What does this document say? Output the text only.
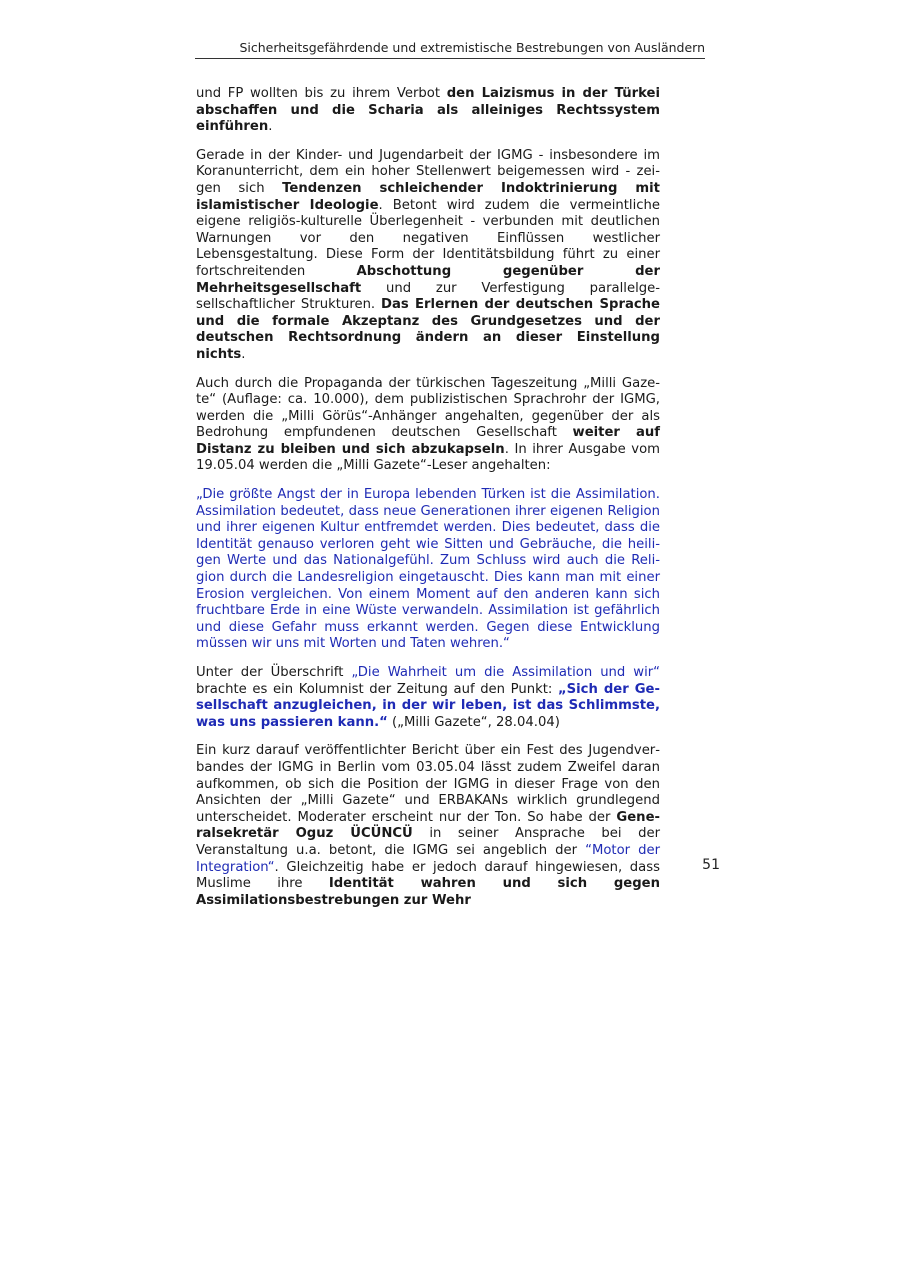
Sicherheitsgefährdende und extremistische Bestrebungen von Ausländern

und FP wollten bis zu ihrem Verbot den Laizismus in der Türkei abschaffen und die Scharia als alleiniges Rechtssystem einführen.

Gerade in der Kinder- und Jugendarbeit der IGMG - insbesondere im Koranunterricht, dem ein hoher Stellenwert beigemessen wird - zeigen sich Tendenzen schleichender Indoktrinierung mit islamistischer Ideologie. Betont wird zudem die vermeintliche eigene religiös-kulturelle Überlegenheit - verbunden mit deutlichen Warnungen vor den negativen Einflüssen westlicher Lebensgestaltung. Diese Form der Identitätsbildung führt zu einer fortschreitenden Abschottung gegenüber der Mehrheitsgesellschaft und zur Verfestigung parallelgesellschaftlicher Strukturen. Das Erlernen der deutschen Sprache und die formale Akzeptanz des Grundgesetzes und der deutschen Rechtsordnung ändern an dieser Einstellung nichts.

Auch durch die Propaganda der türkischen Tageszeitung „Milli Gazete“ (Auflage: ca. 10.000), dem publizistischen Sprachrohr der IGMG, werden die „Milli Görüs“-Anhänger angehalten, gegenüber der als Bedrohung empfundenen deutschen Gesellschaft weiter auf Distanz zu bleiben und sich abzukapseln. In ihrer Ausgabe vom 19.05.04 werden die „Milli Gazete“-Leser angehalten:

„Die größte Angst der in Europa lebenden Türken ist die Assimilation. Assimilation bedeutet, dass neue Generationen ihrer eigenen Religion und ihrer eigenen Kultur entfremdet werden. Dies bedeutet, dass die Identität genauso verloren geht wie Sitten und Gebräuche, die heiligen Werte und das Nationalgefühl. Zum Schluss wird auch die Religion durch die Landesreligion eingetauscht. Dies kann man mit einer Erosion vergleichen. Von einem Moment auf den anderen kann sich fruchtbare Erde in eine Wüste verwandeln. Assimilation ist gefährlich und diese Gefahr muss erkannt werden. Gegen diese Entwicklung müssen wir uns mit Worten und Taten wehren.“

Unter der Überschrift „Die Wahrheit um die Assimilation und wir“ brachte es ein Kolumnist der Zeitung auf den Punkt: „Sich der Gesellschaft anzugleichen, in der wir leben, ist das Schlimmste, was uns passieren kann.“ („Milli Gazete“, 28.04.04)

Ein kurz darauf veröffentlichter Bericht über ein Fest des Jugendverbandes der IGMG in Berlin vom 03.05.04 lässt zudem Zweifel daran aufkommen, ob sich die Position der IGMG in dieser Frage von den Ansichten der „Milli Gazete“ und ERBAKANs wirklich grundlegend unterscheidet. Moderater erscheint nur der Ton. So habe der Generalsekretär Oguz ÜCÜNCÜ in seiner Ansprache bei der Veranstaltung u.a. betont, die IGMG sei angeblich der “Motor der Integration“. Gleichzeitig habe er jedoch darauf hingewiesen, dass Muslime ihre Identität wahren und sich gegen Assimilationsbestrebungen zur Wehr

51
